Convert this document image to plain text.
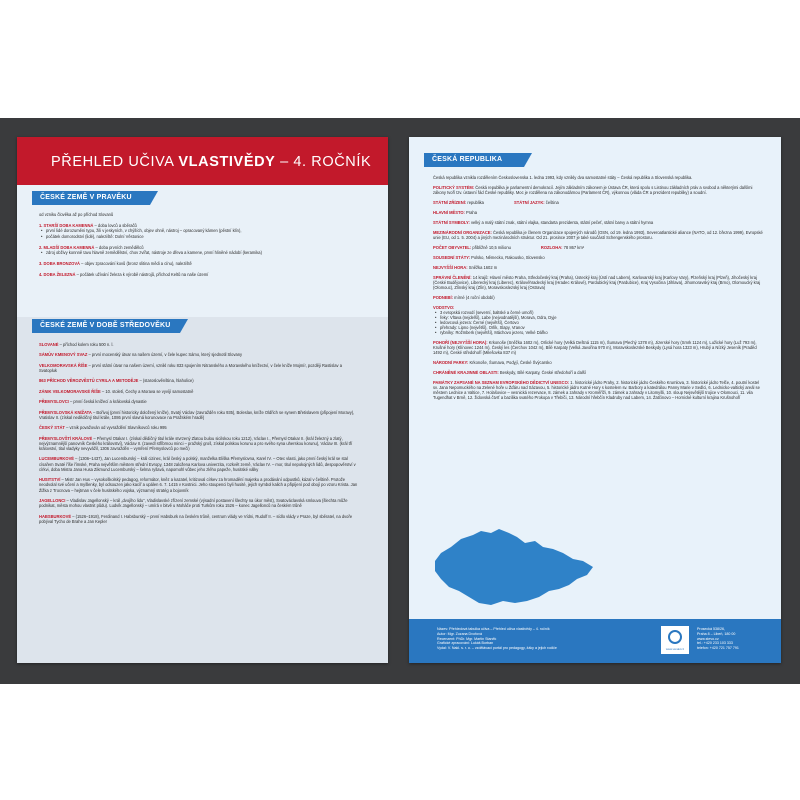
PŘEHLED UČIVA VLASTIVĚDY – 4. ROČNÍK
ČESKÉ ZEMĚ V PRAVĚKU
od vzniku člověka až po příchod Slovanů
1. STARŠÍ DOBA KAMENNÁ – doba lovců a sběračů
• první lidé dorozuměni typu, žili v jeskyních, v chýších, objev ohně, nástroj – opracovaný kámen (pěstní klín),
• počátek domorodství (lidé), naleziště: Dolní Věstonice
2. MLADŠÍ DOBA KAMENNÁ – doba prvních zemědělců
• zdroj obživy konnně tavu hlavně zemědělství, chov zvířat, nástroje ze dřeva a kamene, první hliněné nádobí (keramika)
3. DOBA BRONZOVÁ – objev zpracování kovů (bronz slitina mědi a cínu), naleziště
4. DOBA ŽELEZNÁ – počátek užívání železa k výrobě nástrojů, příchod Keltů na naše území
ČESKÉ ZEMĚ V DOBĚ STŘEDOVĚKU
SLOVANÉ – příchod kolem roku 500 n. l.
SÁMŮV KMENOVÝ SVAZ – první mocenský útvar na našem území, v čele kupec Sámo, který sjednotil Slovany
VELKOMORAVSKÁ ŘÍŠE – první státní útvar na našem území, vznikl roku 833 spojením Nitranského a Moravského knížectví, v čele kníže Mojmír, později Rastislav a Svatopluk
863 PŘÍCHOD VĚROZVĚSTŮ CYRILA A METODĚJE – (staroslověnština, hlaholice)
ZÁNIK VELKOMORAVSKÉ ŘÍŠE – 10. století, Čechy a Morava se vyvíjí samostatně
PŘEMYSLOVCI – první česká knížecí a královská dynastie
PŘEMYSLOVSKÁ KNÍŽATA – Bořivoj (první historicky doložený kníže), Svatý Václav (zavražděn roku 935), Boleslav, kníže Oldřich se synem Břetislavem (připojení Moravy), Vratislav II. (získal nedědičný titul krále, 1086 první slavná korunovace na Pražském hradě)
ČESKÝ STÁT – vznik považován od vyvraždění Slavníkovců roku 995
PŘEMYSLOVŠTÍ KRÁLOVÉ – Přemysl Otakar I. (získal dědičný titul krále stvrzený Zlatou bulou sicilskou roku 1212), Václav I., Přemysl Otakar II. (král železný a zlatý, nejvýznamnější panovník Českého království), Václav II. (zavedl stříbrnou minci – pražský groš, získal polskou korunu a pro svého syna uherskou korunu), Václav III. (král tří království, titul vladyky nevyvážil, 1306 zavražděn – vymření Přemyslovců po meči)
LUCEMBURKOVÉ – (1306–1437), Jan Lucemburský – král cizinec, král český a polský, manželka Eliška Přemyslovna, Karel IV. – Otec vlasti, jako první český král se stal císařem Svaté říše římské, Praha největším městem střední Evropy, 1348 založena Karlova univerzita, rozkvět země, Václav IV. – mor, titul nepokojných lidů, despopověrství v církvi, doba Mistra Jana Husa Zikmund Lucemburský – šelma ryšavá, napomohl vůbec jeho zlého papeže, husitské války
HUSITSTVÍ – Mistr Jan Hus – vysokoškolský pedagog, reformátor, kněz a kazatel, kritizoval církev za hromadění majetku a prodávání odpustků, kázal v češtině. Protože neodvolal své učení a myšlenky, byl odsouzen jako kacíř a upálen 6. 7. 1415 v Kostnici. Jeho stoupenci byli husité, jejich symbol kalich a připíjení pod obojí po vzoru Krista. Jan Žižka z Trocnova – hejtman v čele husitského vojska, významný stratég a bojovník
JAGELLONCI – Vladislav Jagellonský – král „dvojího lidu“, Vladislavské zřízení zemské (výsadní postavení šlechty na úkor měst), Svatováclavská smlouva (šlechta může podnikat, města mohou vlastnit půdu). Ludvík Jagellonský – umírá v bitvě u Moháče proti Turkům roku 1526 – konec Jagellonců na českém trůně
HABSBURKOVÉ – (1526–1918), Ferdinand I. Habsburský – první Habsburk na českém trůně, centrum vlády ve Vídni, Rudolf II. – sídlo vlády v Praze, byl sběratel, na dvoře pobýval Tycho de Brahe a Jan Kepler
ČESKÁ REPUBLIKA
Česká republika vznikla rozdělením Československa 1. ledna 1993, kdy vznikly dva samostatné státy – Česká republika a Slovenská republika.
POLITICKÝ SYSTÉM: Česká republika je parlamentní demokracií. Jejím základním zákonem je Ústava ČR, která spolu s Listinou základních práv a svobod a některými dalšími zákony tvoří tzv. ústavní řád České republiky. Moc je rozdělena na zákonodárnou (Parlament ČR), výkonnou (vláda ČR a prezident republiky) a soudní.
STÁTNÍ ZŘÍZENÍ: republika	STÁTNÍ JAZYK: čeština
HLAVNÍ MĚSTO: Praha
STÁTNÍ SYMBOLY: velký a malý státní znak, státní vlajka, standarta prezidenta, státní pečeť, státní barvy a státní hymna
MEZINÁRODNÍ ORGANIZACE: Česká republika je členem Organizace spojených národů (OSN, od 19. ledna 1993), Severoatlantické aliance (NATO, od 12. března 1999), Evropské unie (EU, od 1. 5. 2004) a jiných mezinárodních struktur. Od 21. prosince 2007 je také součástí Schengenského prostoru.
POČET OBYVATEL: přibližně 10,5 milionu	ROZLOHA: 78 867 km²
SOUSEDNÍ STÁTY: Polsko, Německo, Rakousko, Slovensko
NEJVYŠŠÍ HORA: Sněžka 1602 m
SPRÁVNÍ ČLENĚNÍ: 14 krajů: Hlavní město Praha, Středočeský kraj (Praha), Ústecký kraj (Ústí nad Labem), Karlovarský kraj (Karlovy Vary), Plzeňský kraj (Plzeň), Jihočeský kraj (České Budějovice), Liberecký kraj (Liberec), Královéhradecký kraj (Hradec Králové), Pardubický kraj (Pardubice), Kraj Vysočina (Jihlava), Jihomoravský kraj (Brno), Olomoucký kraj (Olomouc), Zlínský kraj (Zlín), Moravskoslezský kraj (Ostrava)
PODNEBÍ: mírné (4 roční období)
VODSTVO:
• 3 evropská rozvodí (severní, baltské a černé umoří)
• řeky: Vltava (nejdelší), Labe (nejvodnatější), Morava, Odra, Dyje
• ledovcová jezera: Černé (největší), Čertovo
• přehrady: Lipno (největší), Orlík, Slapy, Vranov
• rybníky: Rožmberk (největší), Máchovo jezero, Velké Dářko
POHOŘÍ (NEJVYŠŠÍ HORA): Krkonoše (Sněžka 1602 m), Orlické hory (Velká Deštná 1115 m), Šumava (Plechý 1378 m), Jizerské hory (Smrk 1124 m), Lužické hory (Luž 793 m), Krušné hory (Klínovec 1244 m), Český les (Čerchov 1042 m), Bílé Karpaty (Velká Javořina 970 m), Moravskoslezské Beskydy (Lysá hora 1323 m), Hrubý a Nízký Jeseník (Praděd 1492 m), České středohoří (Milešovka 837 m)
NÁRODNÍ PARKY: Krkonoše, Šumava, Podyjí, České Švýcarsko
CHRÁNĚNÉ KRAJINNÉ OBLASTI: Beskydy, Bílé Karpaty, České středohoří a další
PAMÁTKY ZAPSANÉ NA SEZNAM EVROPSKÉHO DĚDICTVÍ UNESCO: 1. historické jádro Prahy, 2. historické jádro Českého Krumlova, 3. historické jádro Telče, 4. poutní kostel sv. Jana Nepomuckého na Zelené hoře u Žďáru nad Sázavou, 5. historické jádro Kutné Hory s kostelem sv. Barbory a katedrálou Panny Marie v Sedlci, 6. Lednicko-valtický areál se městem Lednice a Valtice, 7. Holašovice – vesnická rezervace, 8. zámek a zahrady v Kroměříži, 9. zámek a zahrady v Litomyšli, 10. sloup Nejsvětější trojice v Olomouci, 11. vila Tugendhat v Brně, 12. židovská čtvrť a bazilika svatého Prokopa v Třebíči, 13. Národní hřebčín Kladruby nad Labem, 14. Žatčinovo – Hornické kulturní krajina Krušnohoří
Název: Přehledová tabulka učiva – Přehled učiva vlastivědy – 4. ročník
Autor: Mgr. Zuzana Dvořová
Recenzent: PhDr. Mgr. Martin Staněk
Grafické zpracování: Lukáš Borban
Vydal: V. Nakl. s. r. o. – vzdělávací portál pro pedagogy, žáky a jejich rodiče	www.vsnakl.cz
Prosecká 538/26,
Praha 8 – Libeň, 180 00
www.stevo.cz
tel.: +420 233 103 333
telefon: +420 721 757 791
